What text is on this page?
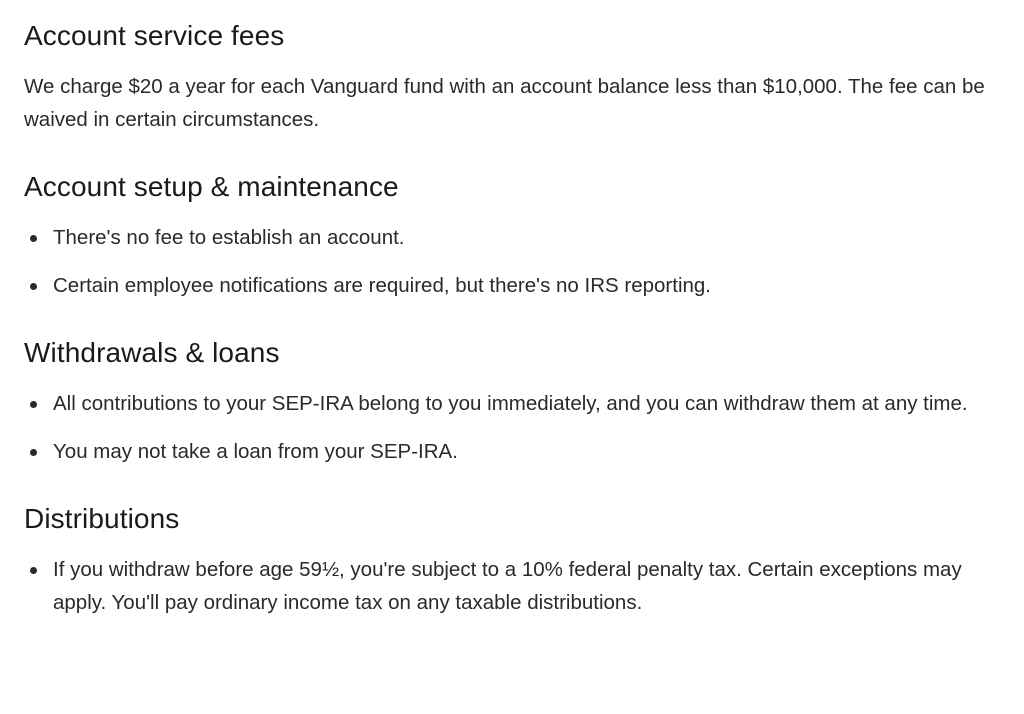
Account service fees

We charge $20 a year for each Vanguard fund with an account balance less than $10,000. The fee can be waived in certain circumstances.

Account setup & maintenance
There's no fee to establish an account.
Certain employee notifications are required, but there's no IRS reporting.
Withdrawals & loans
All contributions to your SEP-IRA belong to you immediately, and you can withdraw them at any time.
You may not take a loan from your SEP-IRA.
Distributions
If you withdraw before age 59½, you're subject to a 10% federal penalty tax. Certain exceptions may apply. You'll pay ordinary income tax on any taxable distributions.
